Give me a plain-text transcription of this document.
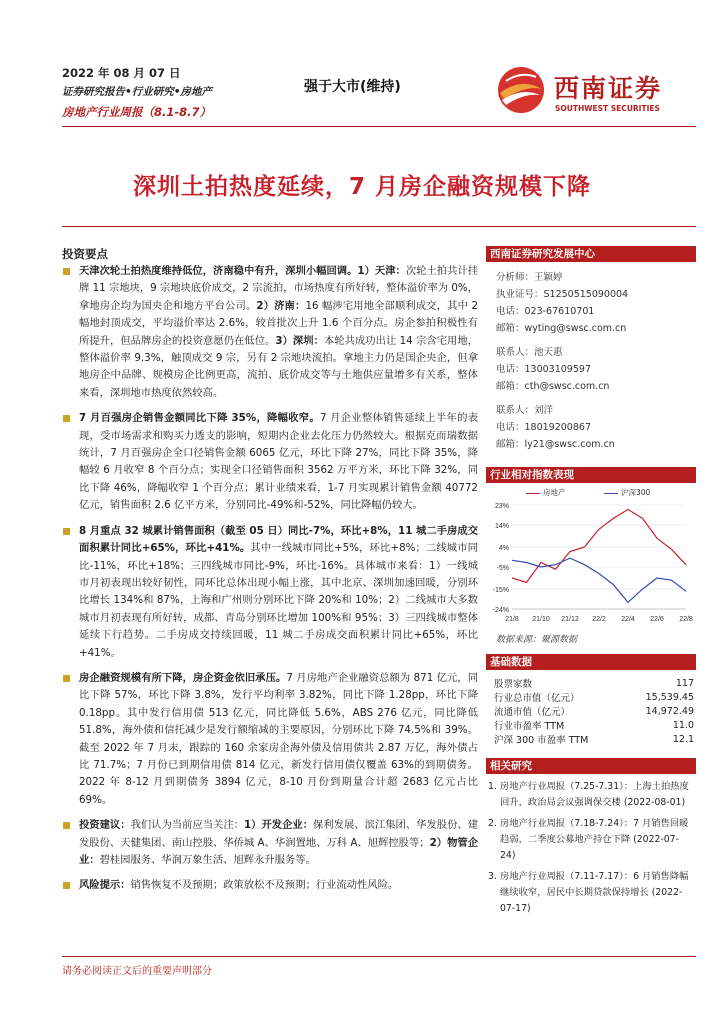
2022 年 08 月 07 日
证券研究报告•行业研究•房地产
房地产行业周报（8.1-8.7）
强于大市(维持)	西南证券
SOUTHWEST SECURITIES
深圳土拍热度延续，7 月房企融资规模下降
投资要点
天津次轮土拍热度维持低位，济南稳中有升，深圳小幅回调。1）天津：次轮土拍共计挂牌 11 宗地块，9 宗地块底价成交，2 宗流拍，市场热度有所好转，整体溢价率为 0%，拿地房企均为国央企和地方平台公司。2）济南：16 幅涉宅用地全部顺利成交，其中 2 幅地封顶成交，平均溢价率达 2.6%，较首批次上升 1.6 个百分点。房企参拍积极性有所提升，但品牌房企的投资意愿仍在低位。3）深圳：本轮共成功出让 14 宗含宅用地，整体溢价率 9.3%，触顶成交 9 宗，另有 2 宗地块流拍。拿地主力仍是国企央企，但拿地房企中品牌、规模房企比例更高，流拍、底价成交等与土地供应量增多有关系，整体来看，深圳地市热度依然较高。
7 月百强房企销售金额同比下降 35%，降幅收窄。7 月企业整体销售延续上半年的表现，受市场需求和购买力透支的影响，短期内企业去化压力仍然较大。根据克而瑞数据统计，7 月百强房企全口径销售金额 6065 亿元，环比下降 27%，同比下降 35%，降幅较 6 月收窄 8 个百分点；实现全口径销售面积 3562 万平方米，环比下降 32%，同比下降 46%，降幅收窄 1 个百分点；累计业绩来看，1-7 月实现累计销售金额 40772 亿元，销售面积 2.6 亿平方米，分别同比-49%和-52%，同比降幅仍较大。
8 月重点 32 城累计销售面积（截至 05 日）同比-7%，环比+8%，11 城二手房成交面积累计同比+65%，环比+41%。其中一线城市同比+5%，环比+8%；二线城市同比-11%，环比+18%；三四线城市同比-9%，环比-16%。具体城市来看：1）一线城市月初表现出较好韧性，同环比总体出现小幅上涨，其中北京、深圳加速回暖，分别环比增长 134%和 87%，上海和广州则分别环比下降 20%和 10%；2）二线城市大多数城市月初表现有所好转，成都、青岛分别环比增加 100%和 95%；3）三四线城市整体延续下行趋势。二手房成交持续回暖，11 城二手房成交面积累计同比+65%，环比+41%。
房企融资规模有所下降，房企资金依旧承压。7 月房地产企业融资总额为 871 亿元，同比下降 57%，环比下降 3.8%，发行平均利率 3.82%，同比下降 1.28pp，环比下降 0.18pp。其中发行信用债 513 亿元，同比降低 5.6%，ABS 276 亿元，同比降低 51.8%，海外债和信托减少是发行额缩减的主要原因，分别环比下降 74.5%和 39%。截至 2022 年 7 月末，跟踪的 160 余家房企海外债及信用债共 2.87 万亿，海外债占比 71.7%；7 月份已到期信用债 814 亿元，新发行信用债仅覆盖 63%的到期债务。2022 年 8-12 月到期债务 3894 亿元，8-10 月份到期量合计超 2683 亿元占比 69%。
投资建议：我们认为当前应当关注：1）开发企业：保利发展、滨江集团、华发股份、建发股份、天健集团、南山控股、华侨城 A、华润置地、万科 A、旭辉控股等；2）物管企业：碧桂园服务、华润万象生活、旭辉永升服务等。
风险提示：销售恢复不及预期；政策放松不及预期；行业流动性风险。
西南证券研究发展中心
分析师：王颖婷
执业证号：S1250515090004
电话：023-67610701
邮箱：wyting@swsc.com.cn
联系人：池天惠
电话：13003109597
邮箱：cth@swsc.com.cn
联系人：刘洋
电话：18019200867
邮箱：ly21@swsc.com.cn
行业相对指数表现
房地产	沪深300
23%
14%
4%
-5%
-15%
-24%
21/8 21/10 21/12 22/2 22/4 22/6 22/8
数据来源：聚源数据
基础数据
股票家数	117
行业总市值（亿元）	15,539.45
流通市值（亿元）	14,972.49
行业市盈率 TTM	11.0
沪深 300 市盈率 TTM	12.1
相关研究
1. 房地产行业周报（7.25-7.31）：上海土拍热度回升，政治局会议强调保交楼 (2022-08-01)
2. 房地产行业周报（7.18-7.24）：7 月销售回暖趋弱，二季度公募地产持仓下降 (2022-07-24)
3. 房地产行业周报（7.11-7.17）：6 月销售降幅继续收窄，居民中长期贷款保持增长 (2022-07-17)
请务必阅读正文后的重要声明部分
